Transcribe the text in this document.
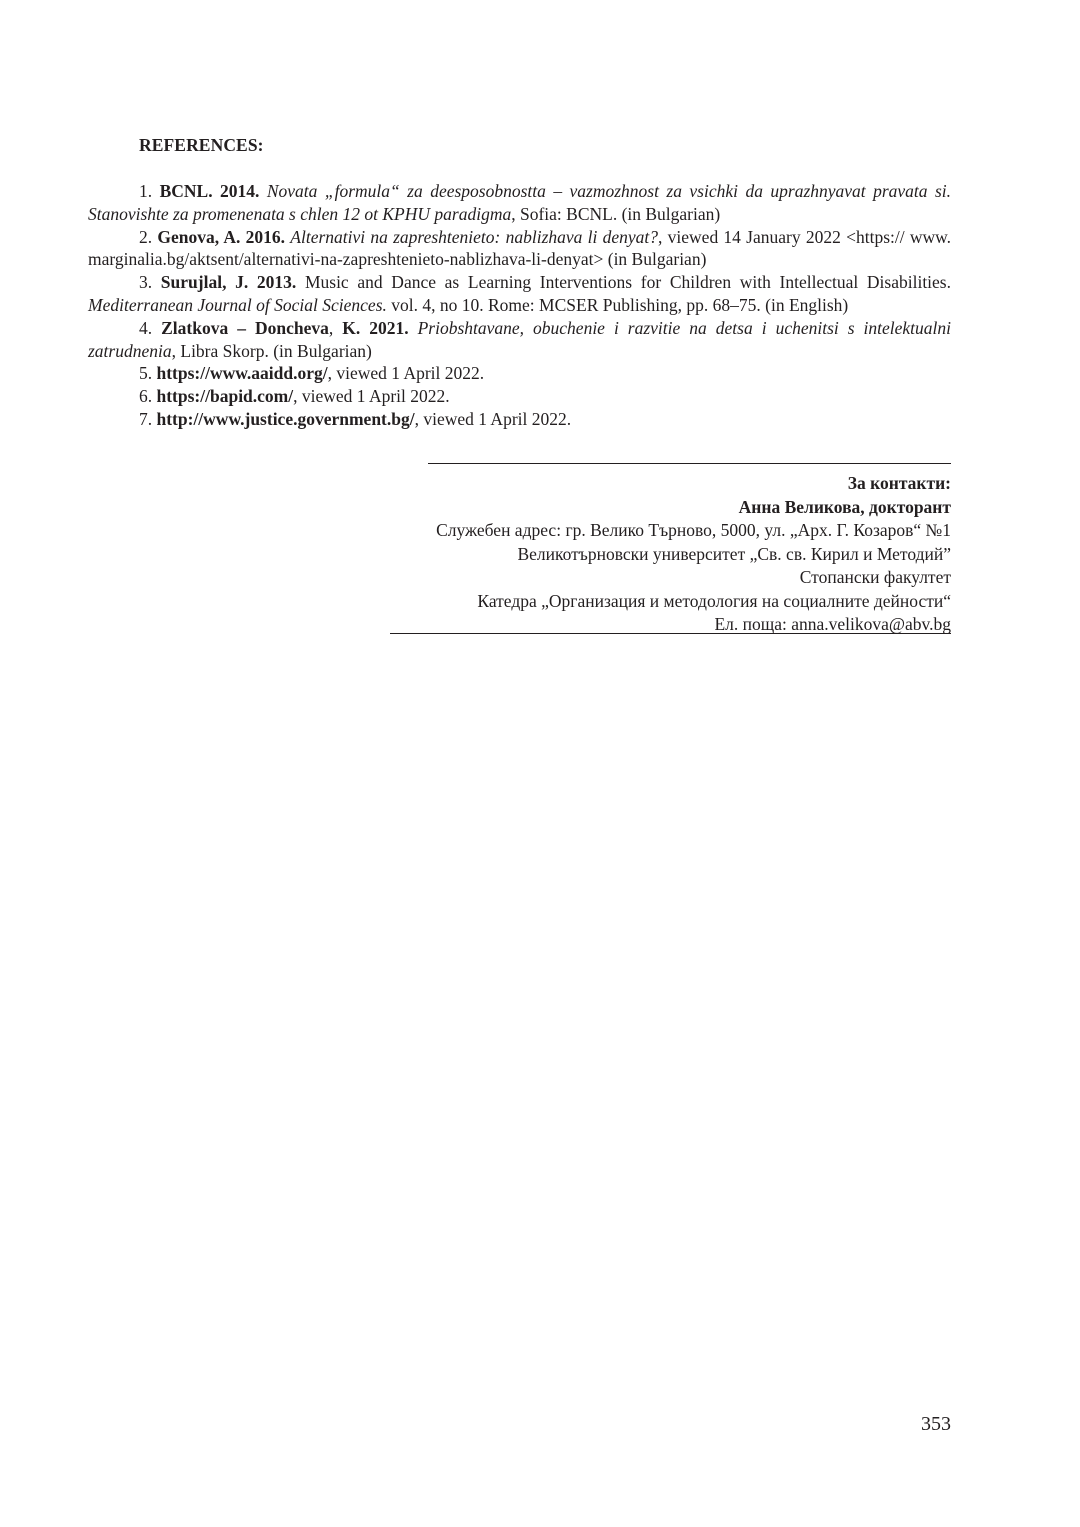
REFERENCES:

1. BCNL. 2014. Novata „formula“ za deesposobnostta – vazmozhnost za vsichki da uprazhnyavat pravata si. Stanovishte za promenenata s chlen 12 ot KPHU paradigma, Sofia: BCNL. (in Bulgarian)

2. Genova, A. 2016. Alternativi na zapreshtenieto: nablizhava li denyat?, viewed 14 January 2022 <https:// www. marginalia.bg/aktsent/alternativi-na-zapreshtenieto-nablizhava-li-denyat> (in Bulgarian)

3. Surujlal, J. 2013. Music and Dance as Learning Interventions for Children with Intellectual Disabilities. Mediterranean Journal of Social Sciences. vol. 4, no 10. Rome: MCSER Publishing, pp. 68–75. (in English)

4. Zlatkova – Doncheva, K. 2021. Priobshtavane, obuchenie i razvitie na detsa i uchenitsi s intelektualni zatrudnenia, Libra Skorp. (in Bulgarian)

5. https://www.aaidd.org/, viewed 1 April 2022.

6. https://bapid.com/, viewed 1 April 2022.

7. http://www.justice.government.bg/, viewed 1 April 2022.

За контакти:
Анна Великова, докторант
Служебен адрес: гр. Велико Търново, 5000, ул. „Арх. Г. Козаров“ №1
Великотърновски университет „Св. св. Кирил и Методий”
Стопански факултет
Катедра „Организация и методология на социалните дейности“
Ел. поща: anna.velikova@abv.bg

353
